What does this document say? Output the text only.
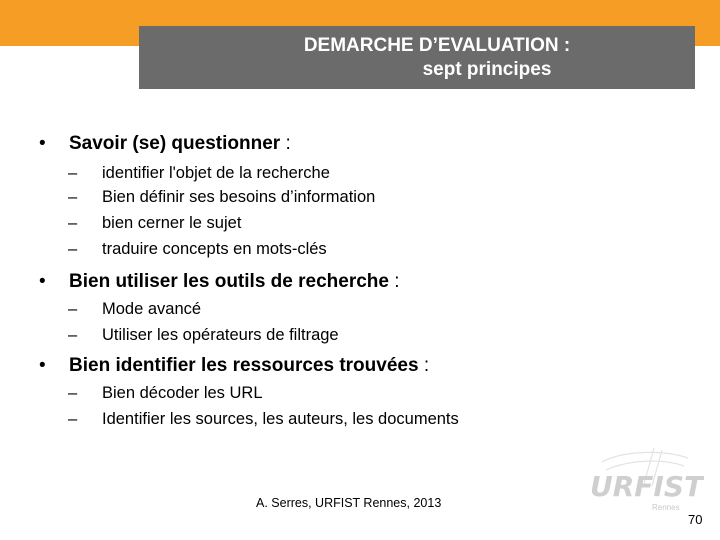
DEMARCHE D’EVALUATION :
sept principes
• Savoir (se) questionner :
– identifier l'objet de la recherche
– Bien définir ses besoins d’information
– bien cerner le sujet
– traduire concepts en mots-clés
• Bien utiliser les outils de recherche :
– Mode avancé
– Utiliser les opérateurs de filtrage
• Bien identifier les ressources trouvées :
– Bien décoder les URL
– Identifier les sources, les auteurs, les documents
URFIST
Rennes
A. Serres, URFIST Rennes, 2013
70
